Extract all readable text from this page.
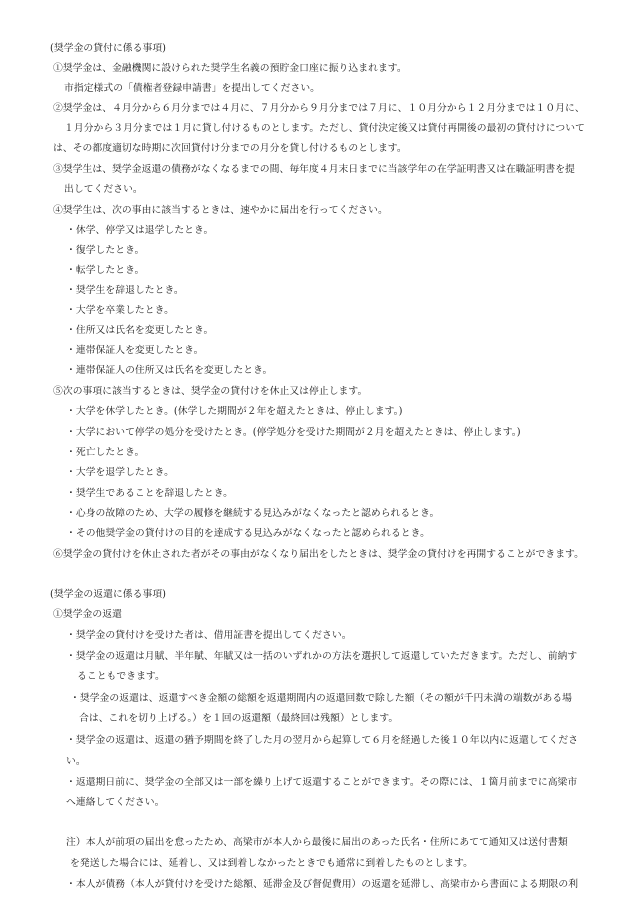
(奨学金の貸付に係る事項)
①奨学金は、金融機関に設けられた奨学生名義の預貯金口座に振り込まれます。
市指定様式の「債権者登録申請書」を提出してください。
②奨学金は、４月分から６月分までは４月に、７月分から９月分までは７月に、１０月分から１２月分までは１０月に、
１月分から３月分までは１月に貸し付けるものとします。ただし、貸付決定後又は貸付再開後の最初の貸付けについて
は、その都度適切な時期に次回貸付け分までの月分を貸し付けるものとします。
③奨学生は、奨学金返還の債務がなくなるまでの間、毎年度４月末日までに当該学年の在学証明書又は在職証明書を提
出してください。
④奨学生は、次の事由に該当するときは、速やかに届出を行ってください。
・休学、停学又は退学したとき。
・復学したとき。
・転学したとき。
・奨学生を辞退したとき。
・大学を卒業したとき。
・住所又は氏名を変更したとき。
・連帯保証人を変更したとき。
・連帯保証人の住所又は氏名を変更したとき。
⑤次の事項に該当するときは、奨学金の貸付けを休止又は停止します。
・大学を休学したとき。(休学した期間が２年を超えたときは、停止します。)
・大学において停学の処分を受けたとき。(停学処分を受けた期間が２月を超えたときは、停止します。)
・死亡したとき。
・大学を退学したとき。
・奨学生であることを辞退したとき。
・心身の故障のため、大学の履修を継続する見込みがなくなったと認められるとき。
・その他奨学金の貸付けの目的を達成する見込みがなくなったと認められるとき。
⑥奨学金の貸付けを休止された者がその事由がなくなり届出をしたときは、奨学金の貸付けを再開することができます。
(奨学金の返還に係る事項)
①奨学金の返還
・奨学金の貸付けを受けた者は、借用証書を提出してください。
・奨学金の返還は月賦、半年賦、年賦又は一括のいずれかの方法を選択して返還していただきます。ただし、前納す
ることもできます。
・奨学金の返還は、返還すべき金額の総額を返還期間内の返還回数で除した額（その額が千円未満の端数がある場
合は、これを切り上げる。）を１回の返還額（最終回は残額）とします。
・奨学金の返還は、返還の猶予期間を終了した月の翌月から起算して６月を経過した後１０年以内に返還してくださ
い。
・返還期日前に、奨学金の全部又は一部を繰り上げて返還することができます。その際には、１箇月前までに高梁市
へ連絡してください。
注）本人が前項の届出を怠ったため、高梁市が本人から最後に届出のあった氏名・住所にあてて通知又は送付書類
を発送した場合には、延着し、又は到着しなかったときでも通常に到着したものとします。
・本人が債務（本人が貸付けを受けた総額、延滞金及び督促費用）の返還を延滞し、高梁市から書面による期限の利
